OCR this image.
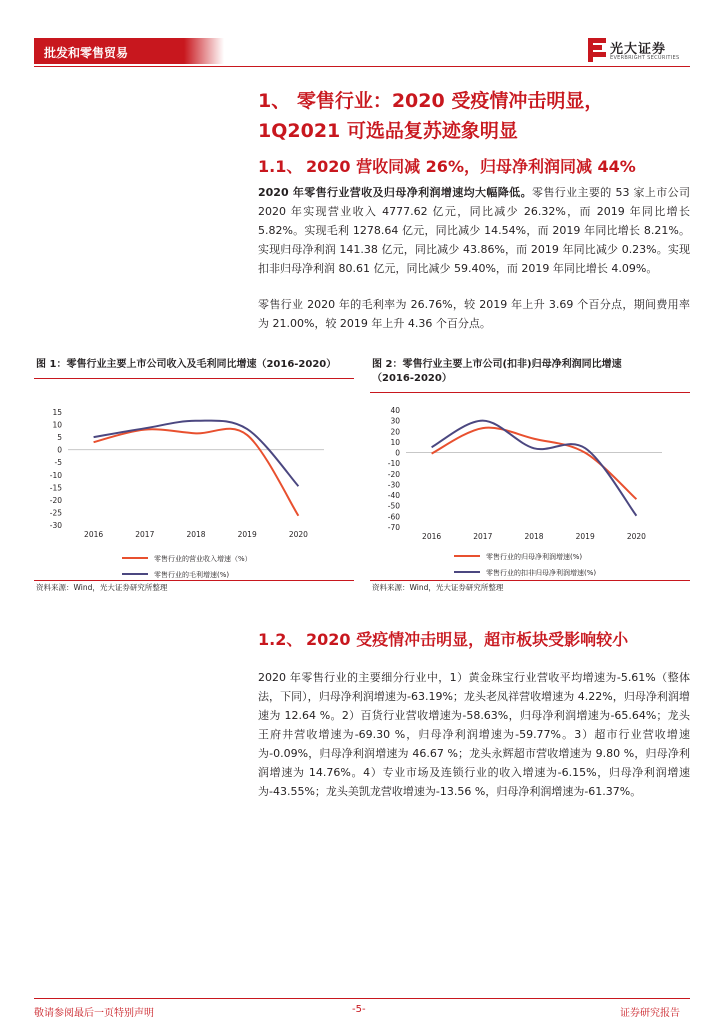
批发和零售贸易	光大证券
EVERBRIGHT SECURITIES
1、 零售行业：2020 受疫情冲击明显，
1Q2021 可选品复苏迹象明显
1.1、 2020 营收同减 26%，归母净利润同减 44%
2020 年零售行业营收及归母净利润增速均大幅降低。零售行业主要的 53 家上市公司 2020 年实现营业收入 4777.62 亿元，同比减少 26.32%，而 2019 年同比增长 5.82%。实现毛利 1278.64 亿元，同比减少 14.54%，而 2019 年同比增长 8.21%。实现归母净利润 141.38 亿元，同比减少 43.86%，而 2019 年同比减少 0.23%。实现扣非归母净利润 80.61 亿元，同比减少 59.40%，而 2019 年同比增长 4.09%。
零售行业 2020 年的毛利率为 26.76%，较 2019 年上升 3.69 个百分点，期间费用率为 21.00%，较 2019 年上升 4.36 个百分点。
图 1：零售行业主要上市公司收入及毛利同比增速（2016-2020）
15
10
5
0
-5
-10
-15
-20
-25
-30
2016	2017	2018	2019	2020
零售行业的营业收入增速（%）
零售行业的毛利增速(%)
资料来源：Wind，光大证券研究所整理
图 2：零售行业主要上市公司(扣非)归母净利润同比增速
（2016-2020）
40
30
20
10
0
-10
-20
-30
-40
-50
-60
-70
2016	2017	2018	2019	2020
零售行业的归母净利润增速(%)
零售行业的扣非归母净利润增速(%)
资料来源：Wind，光大证券研究所整理
1.2、 2020 受疫情冲击明显，超市板块受影响较小
2020 年零售行业的主要细分行业中，1）黄金珠宝行业营收平均增速为-5.61%（整体法，下同），归母净利润增速为-63.19%；龙头老凤祥营收增速为 4.22%，归母净利润增速为 12.64 %。2）百货行业营收增速为-58.63%，归母净利润增速为-65.64%；龙头王府井营收增速为-69.30 %，归母净利润增速为-59.77%。3）超市行业营收增速为-0.09%，归母净利润增速为 46.67 %；龙头永辉超市营收增速为 9.80 %，归母净利润增速为 14.76%。4）专业市场及连锁行业的收入增速为-6.15%，归母净利润增速为-43.55%；龙头美凯龙营收增速为-13.56 %，归母净利润增速为-61.37%。
敬请参阅最后一页特别声明	-5-	证券研究报告
